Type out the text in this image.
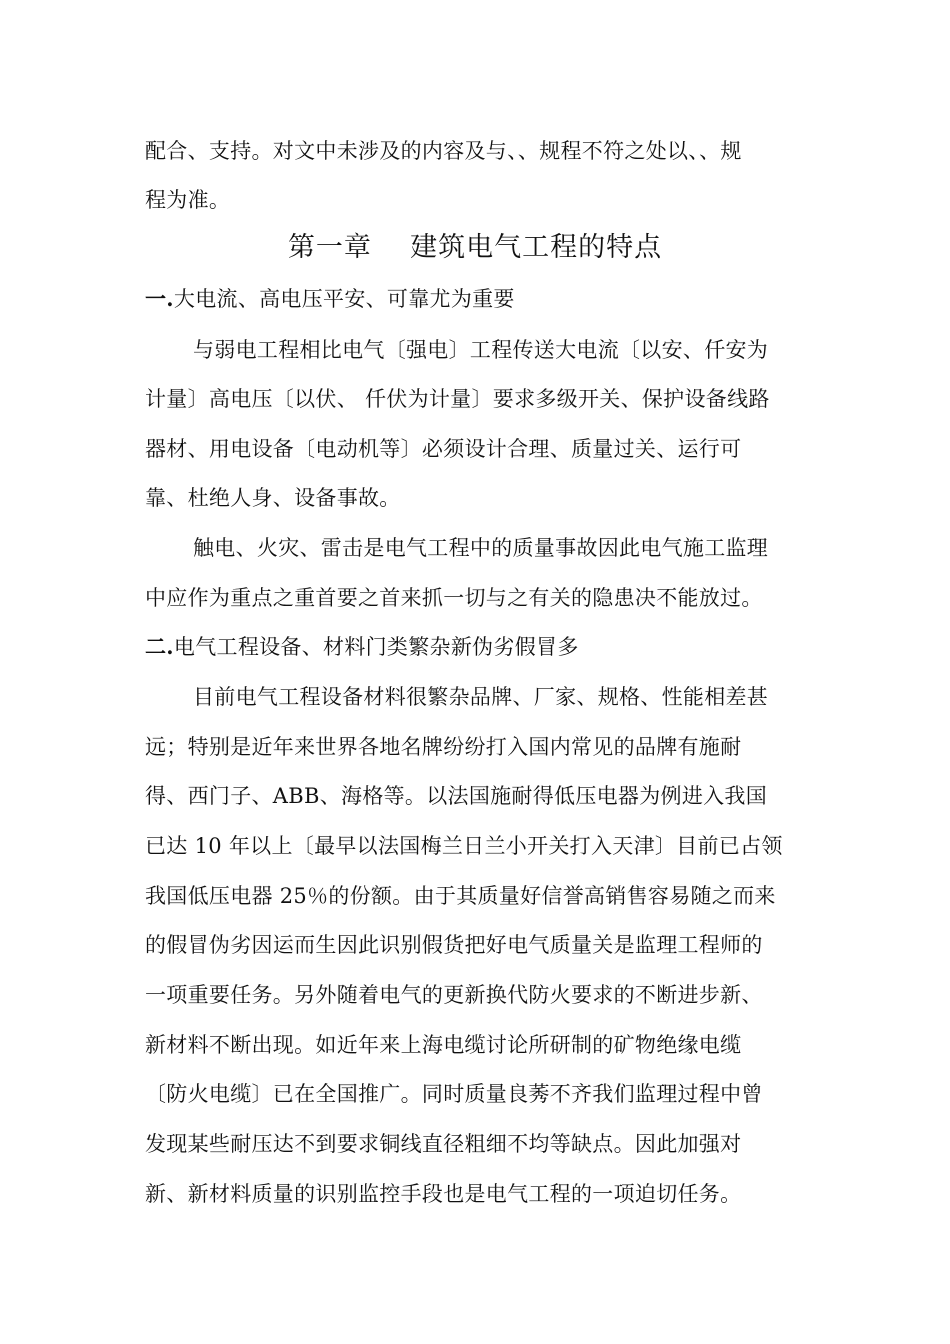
配合、支持。对文中未涉及的内容及与、、规程不符之处以、、规
程为准。
第一章    建筑电气工程的特点
一.大电流、高电压平安、可靠尤为重要
与弱电工程相比电气〔强电〕工程传送大电流〔以安、仟安为
计量〕高电压〔以伏、 仟伏为计量〕要求多级开关、保护设备线路
器材、用电设备〔电动机等〕必须设计合理、质量过关、运行可
靠、杜绝人身、设备事故。
触电、火灾、雷击是电气工程中的质量事故因此电气施工监理
中应作为重点之重首要之首来抓一切与之有关的隐患决不能放过。
二.电气工程设备、材料门类繁杂新伪劣假冒多
目前电气工程设备材料很繁杂品牌、厂家、规格、性能相差甚
远；特别是近年来世界各地名牌纷纷打入国内常见的品牌有施耐
得、西门子、ABB、海格等。以法国施耐得低压电器为例进入我国
已达 10 年以上〔最早以法国梅兰日兰小开关打入天津〕目前已占领
我国低压电器 25％的份额。由于其质量好信誉高销售容易随之而来
的假冒伪劣因运而生因此识别假货把好电气质量关是监理工程师的
一项重要任务。另外随着电气的更新换代防火要求的不断进步新、
新材料不断出现。如近年来上海电缆讨论所研制的矿物绝缘电缆
〔防火电缆〕已在全国推广。同时质量良莠不齐我们监理过程中曾
发现某些耐压达不到要求铜线直径粗细不均等缺点。因此加强对
新、新材料质量的识别监控手段也是电气工程的一项迫切任务。
